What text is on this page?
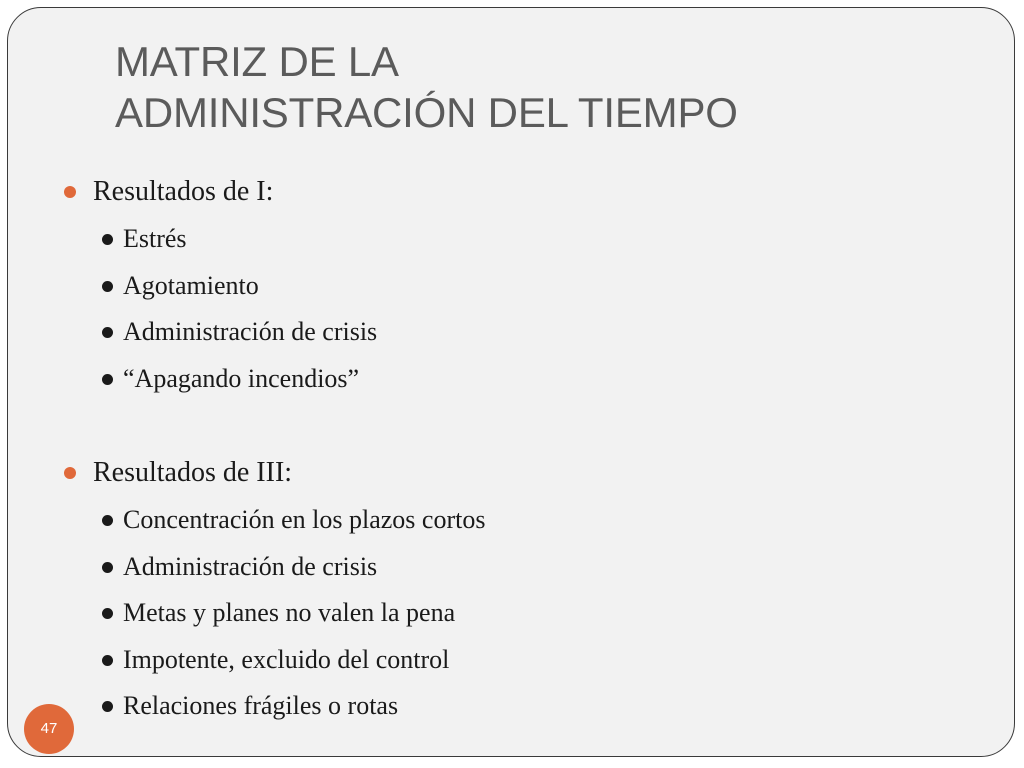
MATRIZ DE LA
ADMINISTRACIÓN DEL TIEMPO
Resultados de I:
Estrés
Agotamiento
Administración de crisis
“Apagando incendios”
Resultados de III:
Concentración en los plazos cortos
Administración de crisis
Metas y planes no valen la pena
Impotente, excluido del control
Relaciones frágiles o rotas
47
